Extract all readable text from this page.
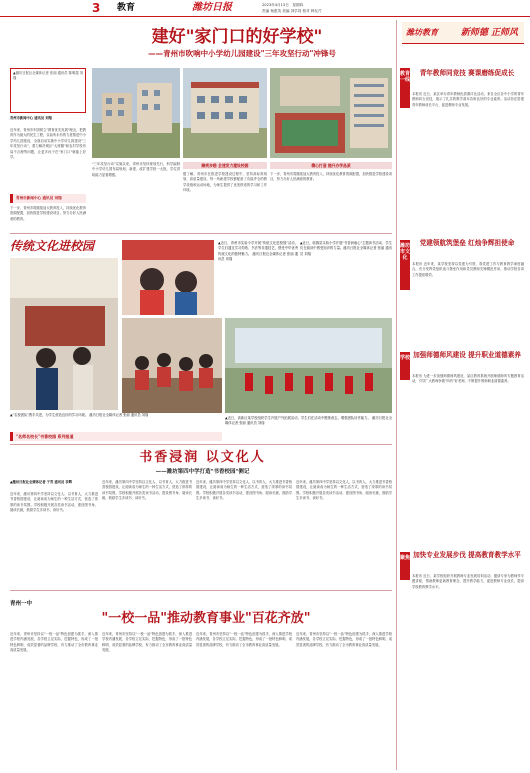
3 教育	潍坊日报	2023年4月13日　星期四
责编 杨惠英 美编 刘学同 校对 韩友芹
建好"家门口的好学校"
——青州市吹响中小学幼儿园建设"三年攻坚行动"冲锋号
▲潍坊日报社全媒体记者 张丽 通讯员 陈明超 刘翔
青州市新闻中心 通讯员 刘翔
近年来，青州市牢固树立"教育优先发展"理念，把教育作为最大的民生工程，以前所未有的力度推进中小学幼儿园建设，全面启动实施中小学幼儿园建设"三年攻坚行动"，着力解决城区"大班额"和农村学校布局不合理等问题，让更多孩子在"家门口"就能上好学。
蹄疾步稳 全速发力建设校园	精心打造 提升办学品质
"三年攻坚行动"实施以来，青州市坚持规划先行，科学编制中小学幼儿园布局规划，新建、改扩建学校一大批，学位供给能力显著增强。	据了解，青州市在推进学校建设过程中，坚持高标准规划、高质量建设，每一所新建学校都配备了功能齐全的教学设施和运动场地，为师生提供了优美舒适的学习和工作环境。
下一步，青州市将继续加大教育投入，持续优化教育资源配置，加快推进学校建设项目，努力办好人民满意的教育。
青州市新闻中心 通讯员 刘翔
下一步，青州市将继续加大教育投入，持续优化教育资源配置，加快推进学校建设项目，努力办好人民满意的教育。
传统文化进校园	▲近日，青州市实验小学开展"传统文化进校园"活动，学生们通过学习剪纸、书法等非遗技艺，感受中华优秀传统文化的独特魅力。 潍坊日报社全媒体记者 张丽 通讯员 刘翔
▲近日，临朐县实验小学开展"书香润童心"主题读书活动，学生们在阅读中感受知识的力量。潍坊日报社全媒体记者 张丽 通讯员 刘翔
▲近日，高新区某学校组织学生开展户外拓展活动，学生们在活动中锻炼意志，增强团队协作能力。 潍坊日报社全媒体记者 张丽 通讯员 刘翔
▲"名校团队"携手共进，为学生营造良好的学习环境。 潍坊日报社全媒体记者 张丽 通讯员 刘翔
"名师名校长"书香校园 系列报道
书香浸润 以文化人
——潍坊第四中学打造"书香校园"侧记
▲潍坊日报社全媒体记者 于青 通讯员 李辉
近年来，潍坊第四中学坚持以文化人、以书育人，大力推进书香校园建设，让阅读成为师生的一种生活方式，营造了浓厚的读书氛围。学校积极开展各类读书活动，建设图书角、阅读长廊，鼓励学生多读书、读好书。
近年来，潍坊第四中学坚持以文化人、以书育人，大力推进书香校园建设，让阅读成为师生的一种生活方式，营造了浓厚的读书氛围。学校积极开展各类读书活动，建设图书角、阅读长廊，鼓励学生多读书、读好书。
近年来，潍坊第四中学坚持以文化人、以书育人，大力推进书香校园建设，让阅读成为师生的一种生活方式，营造了浓厚的读书氛围。学校积极开展各类读书活动，建设图书角、阅读长廊，鼓励学生多读书、读好书。
近年来，潍坊第四中学坚持以文化人、以书育人，大力推进书香校园建设，让阅读成为师生的一种生活方式，营造了浓厚的读书氛围。学校积极开展各类读书活动，建设图书角、阅读长廊，鼓励学生多读书、读好书。
青州一中
"一校一品"推动教育事业"百花齐放"
近年来，青州市坚持以"一校一品"特色创建为抓手，深入推进学校内涵发展，各学校立足实际、挖掘特色，形成了一批特色鲜明、成效显著的品牌学校，有力推动了全市教育事业高质量发展。
近年来，青州市坚持以"一校一品"特色创建为抓手，深入推进学校内涵发展，各学校立足实际、挖掘特色，形成了一批特色鲜明、成效显著的品牌学校，有力推动了全市教育事业高质量发展。
近年来，青州市坚持以"一校一品"特色创建为抓手，深入推进学校内涵发展，各学校立足实际、挖掘特色，形成了一批特色鲜明、成效显著的品牌学校，有力推动了全市教育事业高质量发展。
近年来，青州市坚持以"一校一品"特色创建为抓手，深入推进学校内涵发展，各学校立足实际、挖掘特色，形成了一批特色鲜明、成效显著的品牌学校，有力推动了全市教育事业高质量发展。
潍坊教育	新师德 正师风
教育一线
青年教师同竞技 赛课磨练促成长
本报讯 近日，某区举办青年教师优质课评比活动，来自全区各中小学的青年教师同台竞技，展示了扎实的教学基本功和良好的专业素养。活动旨在搭建青年教师成长平台，促进教师专业发展。
潍坊市文化
党建领航筑堡垒 红烛争辉担使命
本报讯 近年来，某学校坚持以党建为引领，将党建工作与教育教学深度融合，充分发挥党组织战斗堡垒作用和党员教师先锋模范作用，推动学校各项工作提质增效。
学校 加强师德师风建设 提升职业道德素养
本报讯 为进一步加强师德师风建设，某区教育系统开展师德师风专题教育活动，引导广大教师争做"四有"好老师，不断提升教师职业道德素养。
聚焦 加快专业发展步伐 提高教育教学水平
本报讯 近日，某学校组织开展教师专业发展培训活动，邀请专家为教师作专题讲座，帮助教师更新教育理念、提升教学能力，促进教师专业成长，提高学校教育教学水平。
